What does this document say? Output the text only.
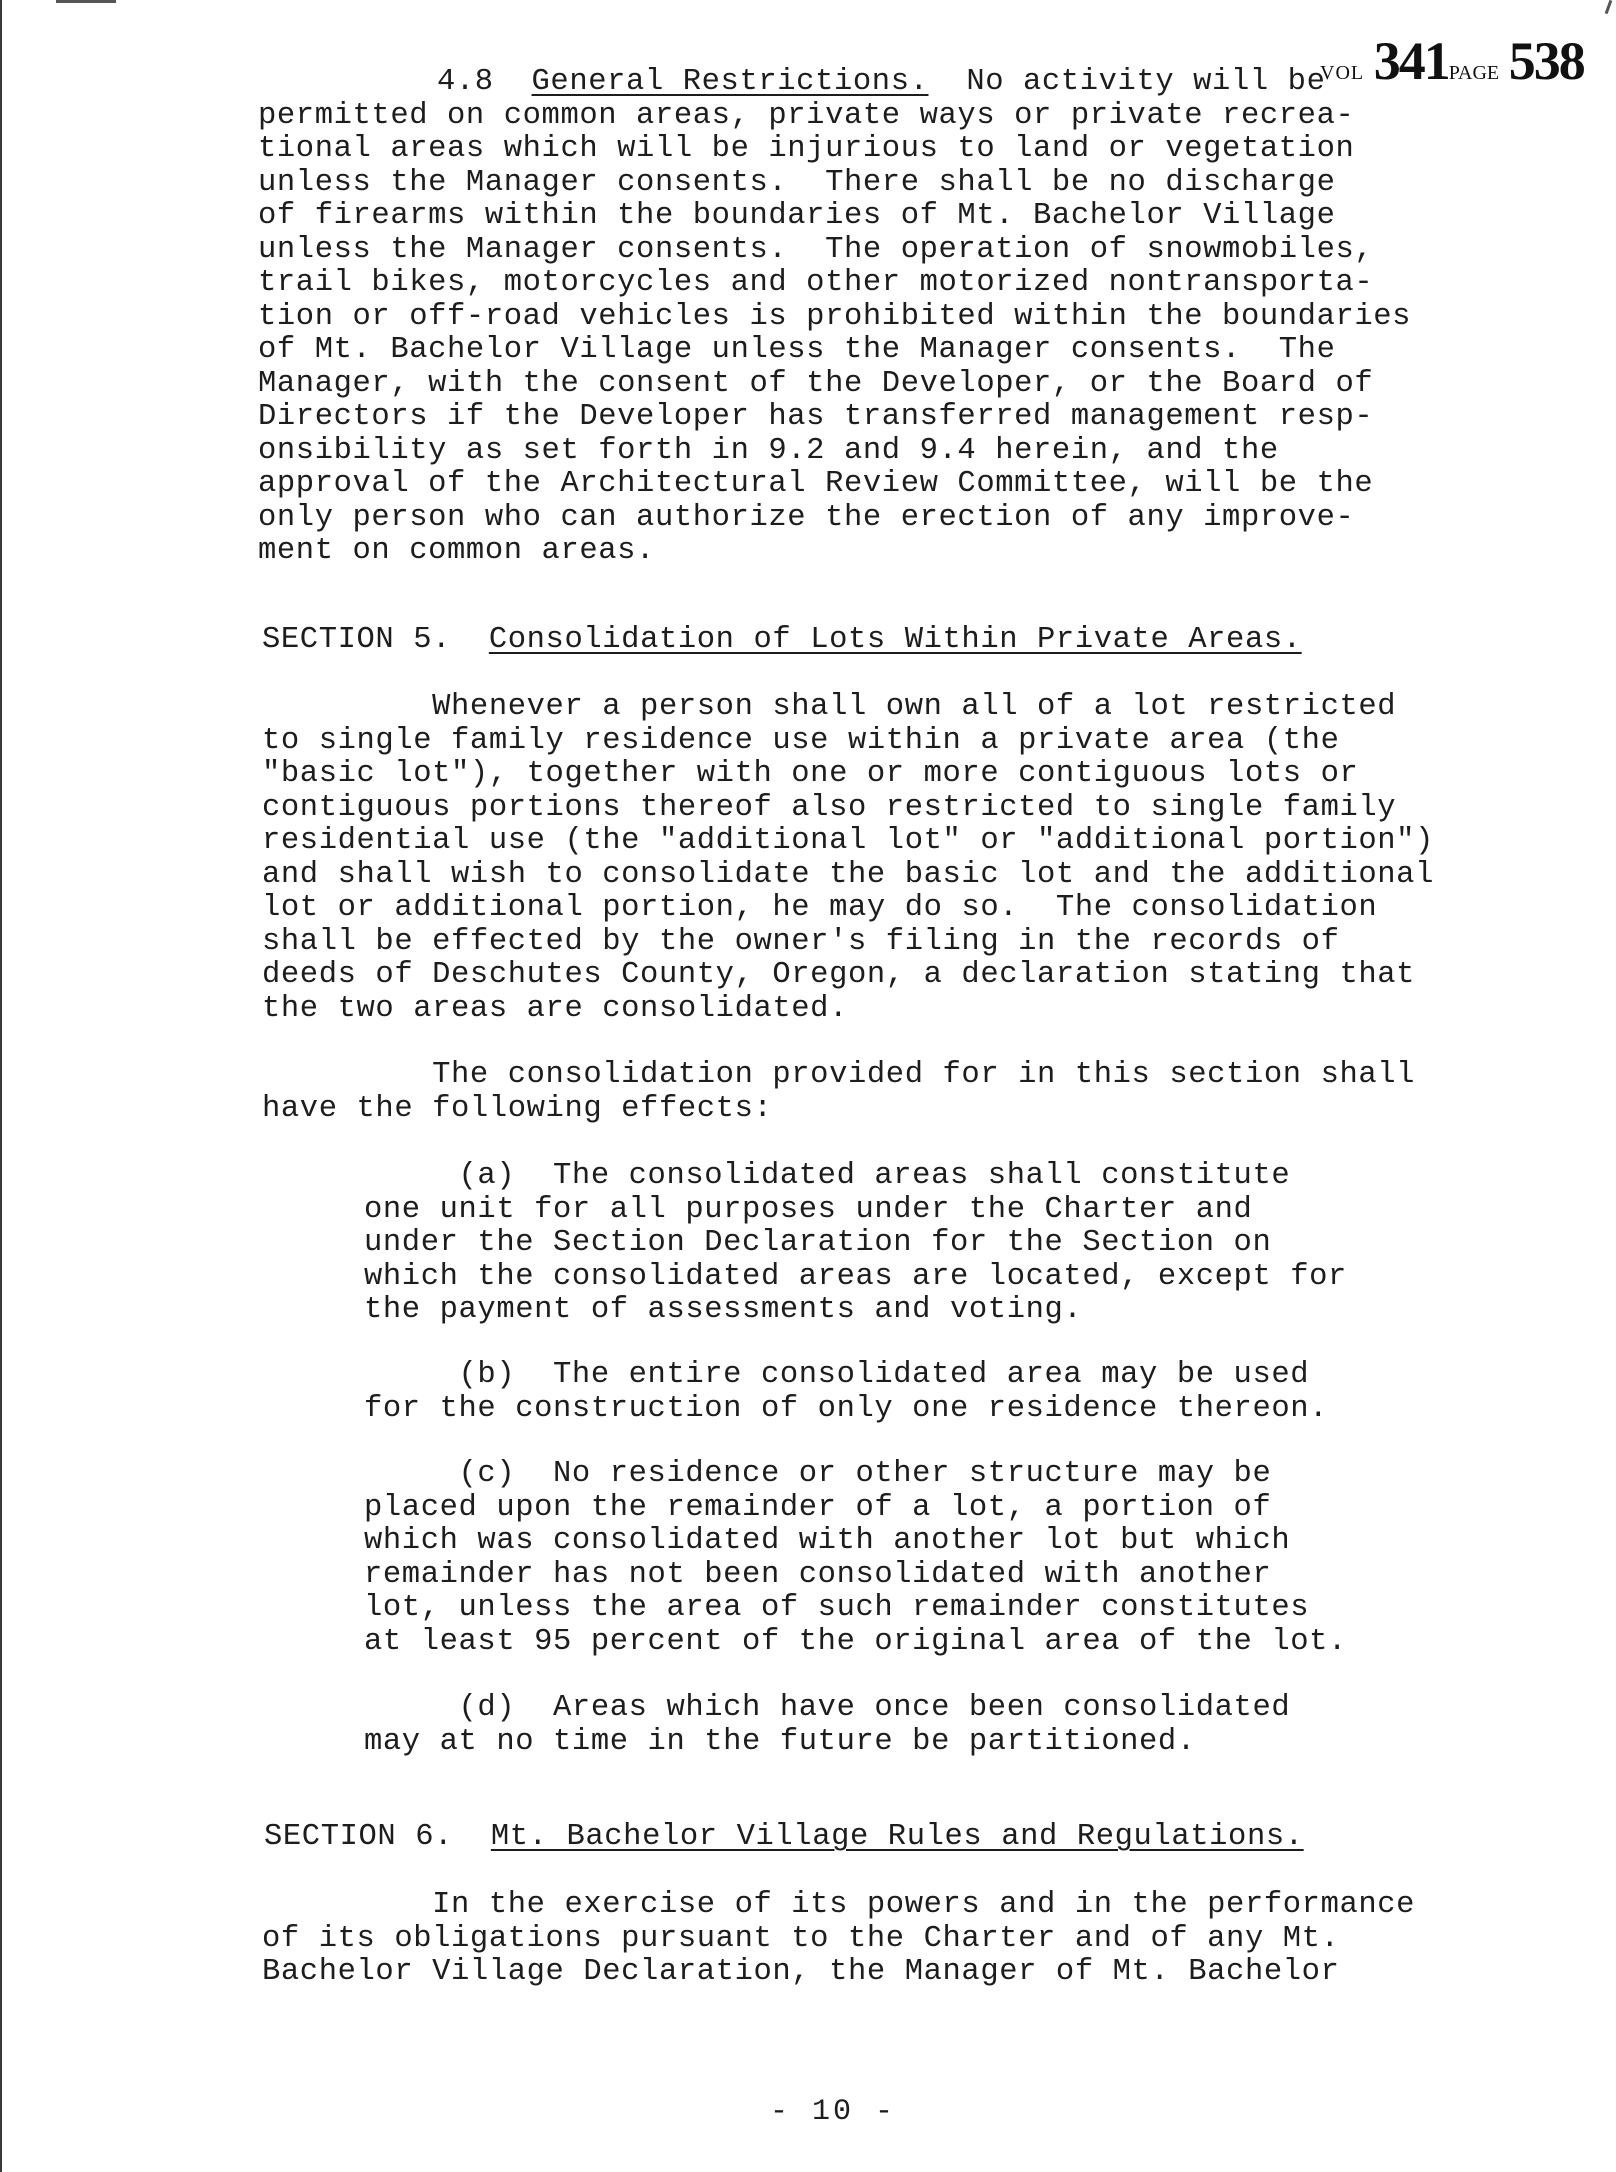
VOL 341PAGE 538
4.8 General Restrictions. No activity will be
permitted on common areas, private ways or private recrea-
tional areas which will be injurious to land or vegetation
unless the Manager consents.  There shall be no discharge
of firearms within the boundaries of Mt. Bachelor Village
unless the Manager consents.  The operation of snowmobiles,
trail bikes, motorcycles and other motorized nontransporta-
tion or off-road vehicles is prohibited within the boundaries
of Mt. Bachelor Village unless the Manager consents.  The
Manager, with the consent of the Developer, or the Board of
Directors if the Developer has transferred management resp-
onsibility as set forth in 9.2 and 9.4 herein, and the
approval of the Architectural Review Committee, will be the
only person who can authorize the erection of any improve-
ment on common areas.
SECTION 5. Consolidation of Lots Within Private Areas.
Whenever a person shall own all of a lot restricted
to single family residence use within a private area (the
"basic lot"), together with one or more contiguous lots or
contiguous portions thereof also restricted to single family
residential use (the "additional lot" or "additional portion")
and shall wish to consolidate the basic lot and the additional
lot or additional portion, he may do so.  The consolidation
shall be effected by the owner's filing in the records of
deeds of Deschutes County, Oregon, a declaration stating that
the two areas are consolidated.
The consolidation provided for in this section shall
have the following effects:
(a)  The consolidated areas shall constitute
one unit for all purposes under the Charter and
under the Section Declaration for the Section on
which the consolidated areas are located, except for
the payment of assessments and voting.
(b)  The entire consolidated area may be used
for the construction of only one residence thereon.
(c)  No residence or other structure may be
placed upon the remainder of a lot, a portion of
which was consolidated with another lot but which
remainder has not been consolidated with another
lot, unless the area of such remainder constitutes
at least 95 percent of the original area of the lot.
(d)  Areas which have once been consolidated
may at no time in the future be partitioned.
SECTION 6. Mt. Bachelor Village Rules and Regulations.
In the exercise of its powers and in the performance
of its obligations pursuant to the Charter and of any Mt.
Bachelor Village Declaration, the Manager of Mt. Bachelor
- 10 -
